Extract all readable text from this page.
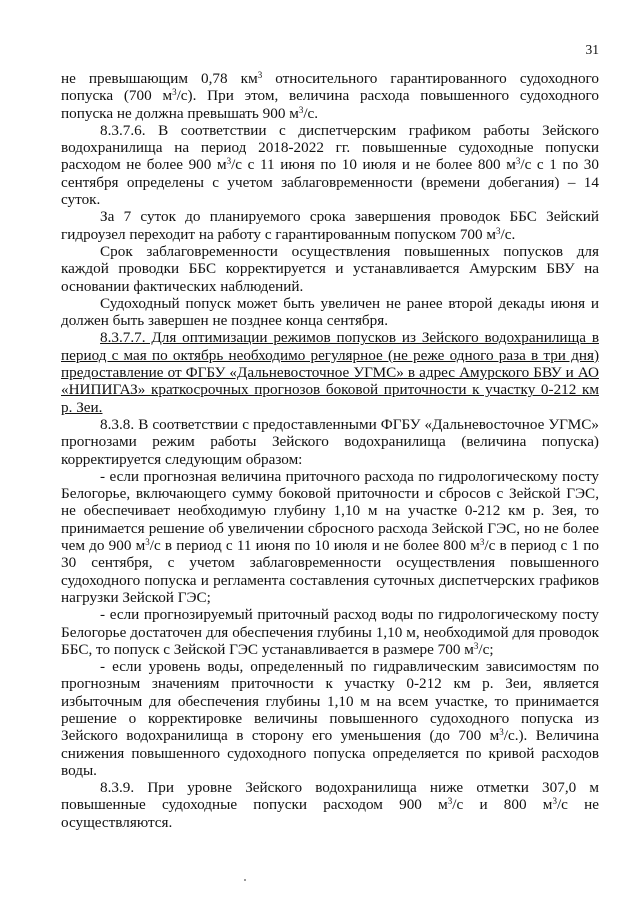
31

не превышающим 0,78 $км^3$ относительного гарантированного судоходного попуска (700 $м^3/с$). При этом, величина расхода повышенного судоходного попуска не должна превышать 900 $м^3/с$.

8.3.7.6. В соответствии с диспетчерским графиком работы Зейского водохранилища на период 2018-2022 гг. повышенные судоходные попуски расходом не более 900 $м^3/с$ с 11 июня по 10 июля и не более 800 $м^3/с$ с 1 по 30 сентября определены с учетом заблаговременности (времени добегания) – 14 суток.

За 7 суток до планируемого срока завершения проводок ББС Зейский гидроузел переходит на работу с гарантированным попуском 700 $м^3/с$.

Срок заблаговременности осуществления повышенных попусков для каждой проводки ББС корректируется и устанавливается Амурским БВУ на основании фактических наблюдений.

Судоходный попуск может быть увеличен не ранее второй декады июня и должен быть завершен не позднее конца сентября.

8.3.7.7. Для оптимизации режимов попусков из Зейского водохранилища в период с мая по октябрь необходимо регулярное (не реже одного раза в три дня) предоставление от ФГБУ «Дальневосточное УГМС» в адрес Амурского БВУ и АО «НИПИГАЗ» краткосрочных прогнозов боковой приточности к участку 0-212 км р. Зеи.

8.3.8. В соответствии с предоставленными ФГБУ «Дальневосточное УГМС» прогнозами режим работы Зейского водохранилища (величина попуска) корректируется следующим образом:

- если прогнозная величина приточного расхода по гидрологическому посту Белогорье, включающего сумму боковой приточности и сбросов с Зейской ГЭС, не обеспечивает необходимую глубину 1,10 м на участке 0-212 км р. Зея, то принимается решение об увеличении сбросного расхода Зейской ГЭС, но не более чем до 900 $м^3/с$ в период с 11 июня по 10 июля и не более 800 $м^3/с$ в период с 1 по 30 сентября, с учетом заблаговременности осуществления повышенного судоходного попуска и регламента составления суточных диспетчерских графиков нагрузки Зейской ГЭС;

- если прогнозируемый приточный расход воды по гидрологическому посту Белогорье достаточен для обеспечения глубины 1,10 м, необходимой для проводок ББС, то попуск с Зейской ГЭС устанавливается в размере 700 $м^3/с$;

- если уровень воды, определенный по гидравлическим зависимостям по прогнозным значениям приточности к участку 0-212 км р. Зеи, является избыточным для обеспечения глубины 1,10 м на всем участке, то принимается решение о корректировке величины повышенного судоходного попуска из Зейского водохранилища в сторону его уменьшения (до 700 $м^3/с$.). Величина снижения повышенного судоходного попуска определяется по кривой расходов воды.

8.3.9. При уровне Зейского водохранилища ниже отметки 307,0 м повышенные судоходные попуски расходом 900 $м^3/с$ и 800 $м^3/с$ не осуществляются.
